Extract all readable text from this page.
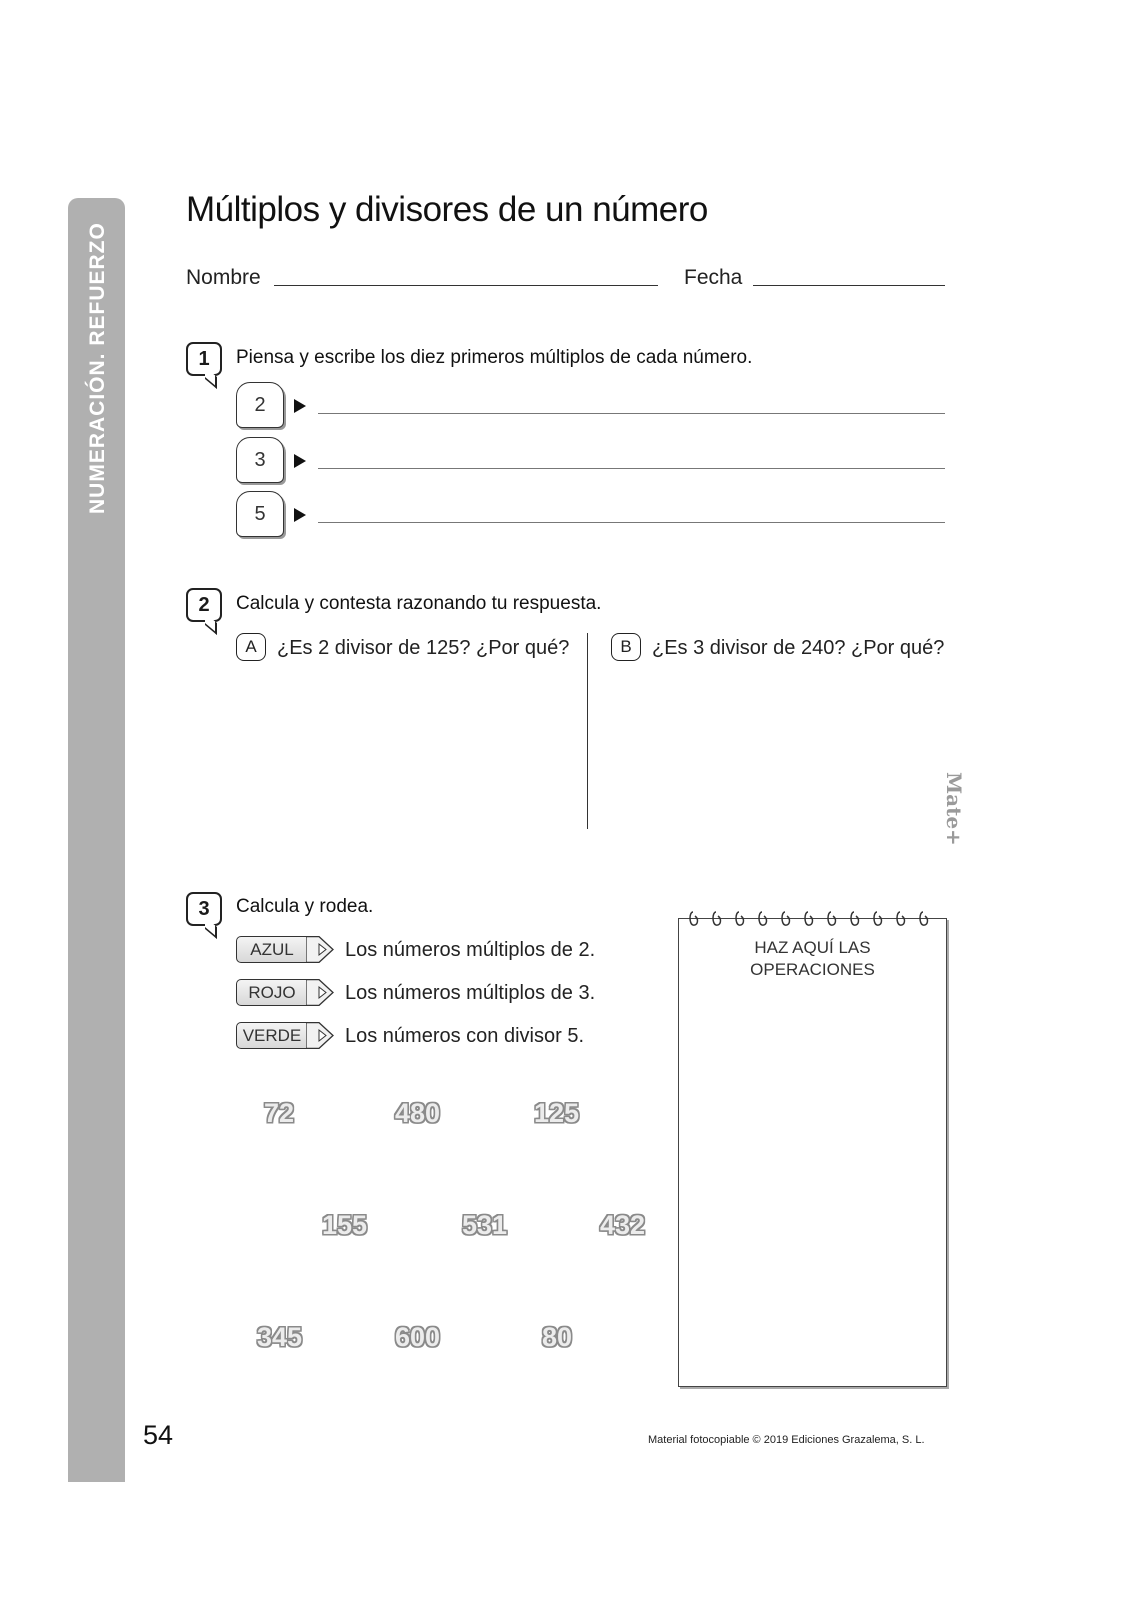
Múltiplos y divisores de un número
Nombre	Fecha
1	Piensa y escribe los diez primeros múltiplos de cada número.
2
3
5
2	Calcula y contesta razonando tu respuesta.
A	¿Es 2 divisor de 125? ¿Por qué?	B	¿Es 3 divisor de 240? ¿Por qué?
3	Calcula y rodea.
AZUL	Los números múltiplos de 2.
ROJO	Los números múltiplos de 3.
VERDE	Los números con divisor 5.
72	480	125
155	531	432
345	600	80
HAZ AQUÍ LAS
OPERACIONES
Mate+
54	Material fotocopiable © 2019 Ediciones Grazalema, S. L.
